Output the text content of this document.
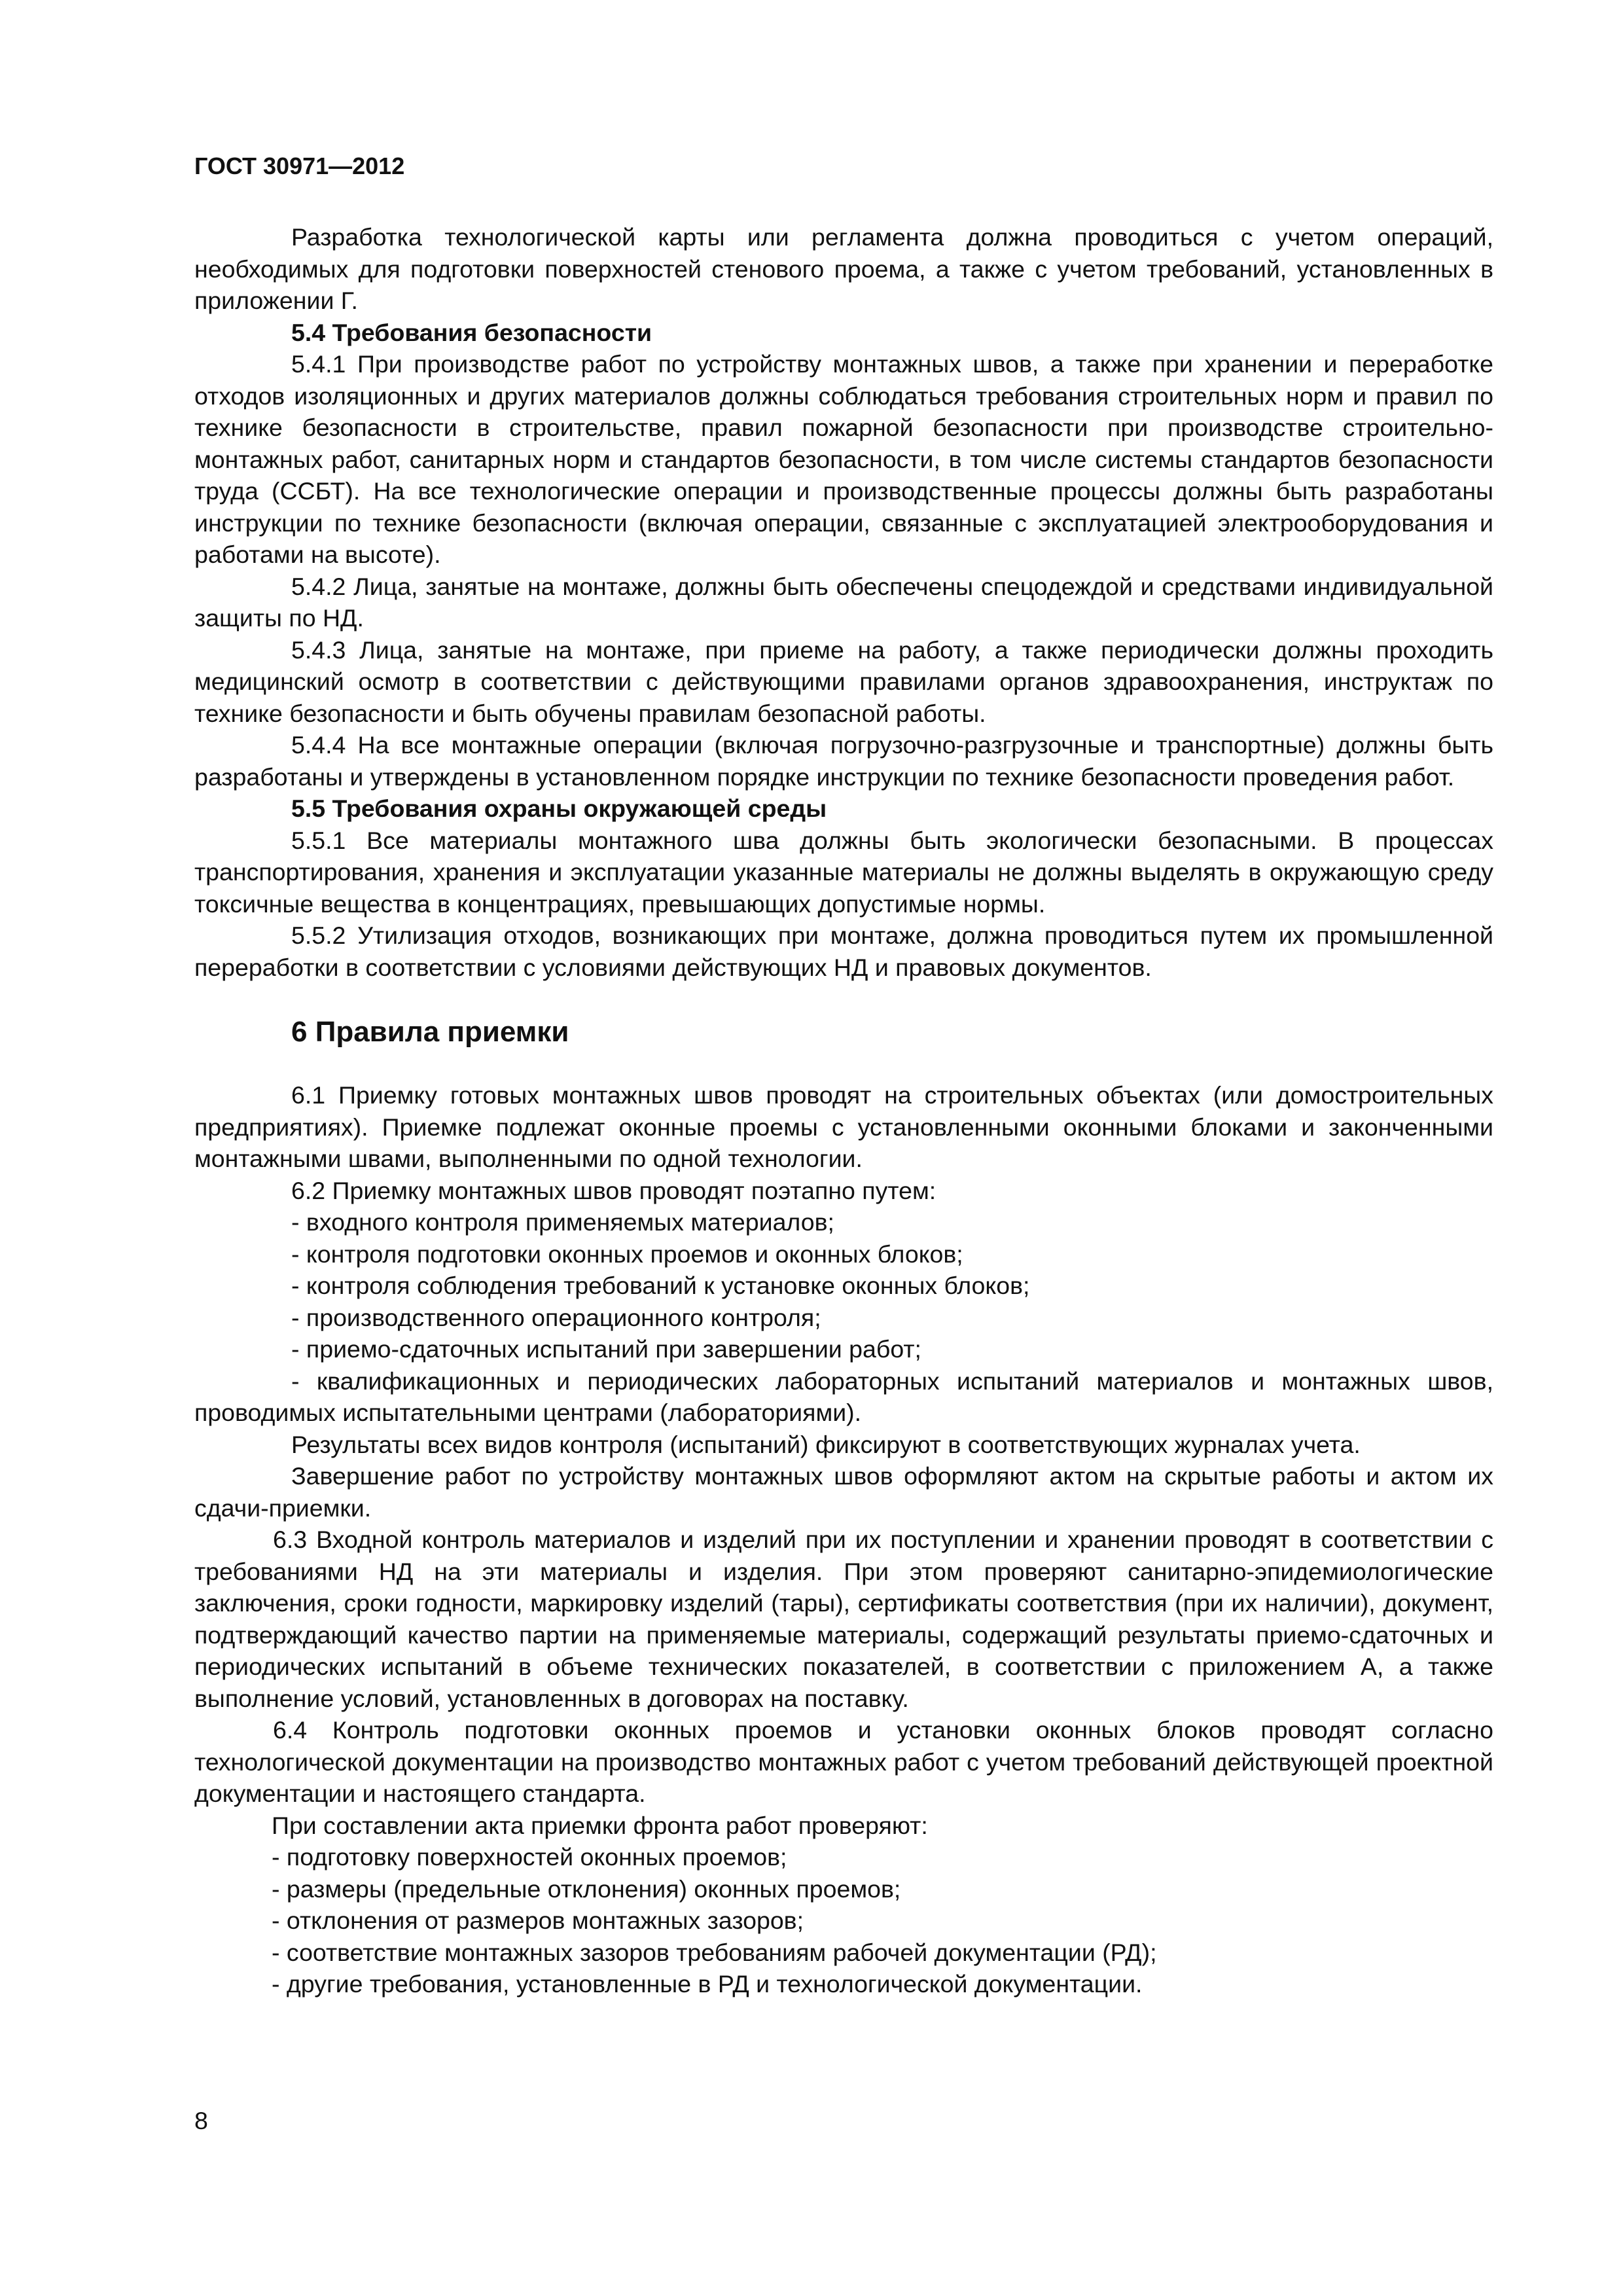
ГОСТ 30971—2012

Разработка технологической карты или регламента должна проводиться с учетом операций, необходимых для подготовки поверхностей стенового проема, а также с учетом требований, установленных в приложении Г.

5.4 Требования безопасности

5.4.1 При производстве работ по устройству монтажных швов, а также при хранении и переработке отходов изоляционных и других материалов должны соблюдаться требования строительных норм и правил по технике безопасности в строительстве, правил пожарной безопасности при производстве строительно-монтажных работ, санитарных норм и стандартов безопасности, в том числе системы стандартов безопасности труда (ССБТ). На все технологические операции и производственные процессы должны быть разработаны инструкции по технике безопасности (включая операции, связанные с эксплуатацией электрооборудования и работами на высоте).

5.4.2 Лица, занятые на монтаже, должны быть обеспечены спецодеждой и средствами индивидуальной защиты по НД.

5.4.3 Лица, занятые на монтаже, при приеме на работу, а также периодически должны проходить медицинский осмотр в соответствии с действующими правилами органов здравоохранения, инструктаж по технике безопасности и быть обучены правилам безопасной работы.

5.4.4 На все монтажные операции (включая погрузочно-разгрузочные и транспортные) должны быть разработаны и утверждены в установленном порядке инструкции по технике безопасности проведения работ.

5.5 Требования охраны окружающей среды

5.5.1 Все материалы монтажного шва должны быть экологически безопасными. В процессах транспортирования, хранения и эксплуатации указанные материалы не должны выделять в окружающую среду токсичные вещества в концентрациях, превышающих допустимые нормы.

5.5.2 Утилизация отходов, возникающих при монтаже, должна проводиться путем их промышленной переработки в соответствии с условиями действующих НД и правовых документов.

6 Правила приемки

6.1 Приемку готовых монтажных швов проводят на строительных объектах (или домостроительных предприятиях). Приемке подлежат оконные проемы с установленными оконными блоками и законченными монтажными швами, выполненными по одной технологии.

6.2 Приемку монтажных швов проводят поэтапно путем:

- входного контроля применяемых материалов;

- контроля подготовки оконных проемов и оконных блоков;

- контроля соблюдения требований к установке оконных блоков;

- производственного операционного контроля;

- приемо-сдаточных испытаний при завершении работ;

- квалификационных и периодических лабораторных испытаний материалов и монтажных швов, проводимых испытательными центрами (лабораториями).

Результаты всех видов контроля (испытаний) фиксируют в соответствующих журналах учета.

Завершение работ по устройству монтажных швов оформляют актом на скрытые работы и актом их сдачи-приемки.

6.3 Входной контроль материалов и изделий при их поступлении и хранении проводят в соответствии с требованиями НД на эти материалы и изделия. При этом проверяют санитарно-эпидемиологические заключения, сроки годности, маркировку изделий (тары), сертификаты соответствия (при их наличии), документ, подтверждающий качество партии на применяемые материалы, содержащий результаты приемо-сдаточных и периодических испытаний в объеме технических показателей, в соответствии с приложением А, а также выполнение условий, установленных в договорах на поставку.

6.4 Контроль подготовки оконных проемов и установки оконных блоков проводят согласно технологической документации на производство монтажных работ с учетом требований действующей проектной документации и настоящего стандарта.

При составлении акта приемки фронта работ проверяют:

- подготовку поверхностей оконных проемов;

- размеры (предельные отклонения) оконных проемов;

- отклонения от размеров монтажных зазоров;

- соответствие монтажных зазоров требованиям рабочей документации (РД);

- другие требования, установленные в РД и технологической документации.

8
